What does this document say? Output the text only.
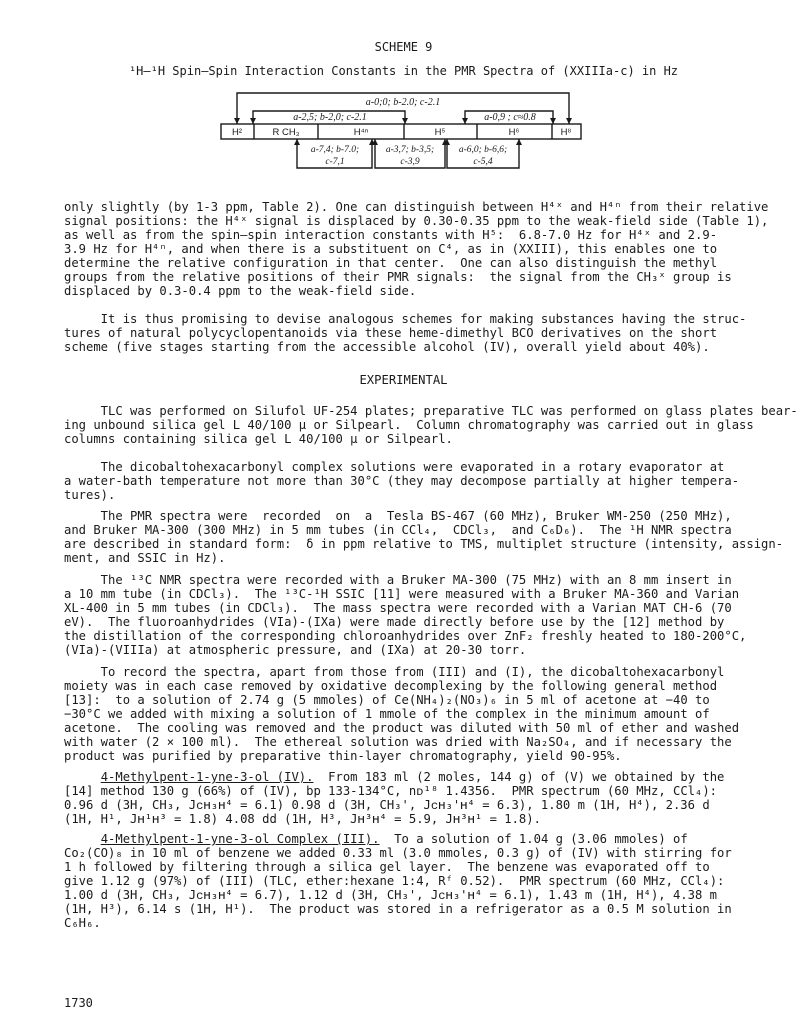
SCHEME 9
¹H—¹H Spin—Spin Interaction Constants in the PMR Spectra of (XXIIIa-c) in Hz
a-0;0; b-2.0; c-2.1
a-2,5; b-2,0; c-2.1	a-0,9 ; c≈0.8
H²	R CH₃	H⁴ⁿ	H⁵	H⁶	H⁸
a-7,4; b-7.0;
c-7,1
a-3,7; b-3,5;
c-3,9
a-6,0; b-6,6;
c-5,4
only slightly (by 1-3 ppm, Table 2). One can distinguish between H⁴ˣ and H⁴ⁿ from their relative
signal positions: the H⁴ˣ signal is displaced by 0.30-0.35 ppm to the weak-field side (Table 1),
as well as from the spin—spin interaction constants with H⁵:  6.8-7.0 Hz for H⁴ˣ and 2.9-
3.9 Hz for H⁴ⁿ, and when there is a substituent on C⁴, as in (XXIII), this enables one to
determine the relative configuration in that center.  One can also distinguish the methyl
groups from the relative positions of their PMR signals:  the signal from the CH₃ˣ group is
displaced by 0.3-0.4 ppm to the weak-field side.
It is thus promising to devise analogous schemes for making substances having the struc-
tures of natural polycyclopentanoids via these heme-dimethyl BCO derivatives on the short
scheme (five stages starting from the accessible alcohol (IV), overall yield about 40%).
EXPERIMENTAL
TLC was performed on Silufol UF-254 plates; preparative TLC was performed on glass plates bear-
ing unbound silica gel L 40/100 μ or Silpearl.  Column chromatography was carried out in glass
columns containing silica gel L 40/100 μ or Silpearl.
The dicobaltohexacarbonyl complex solutions were evaporated in a rotary evaporator at
a water-bath temperature not more than 30°C (they may decompose partially at higher tempera-
tures).
The PMR spectra were  recorded  on  a  Tesla BS-467 (60 MHz), Bruker WM-250 (250 MHz),
and Bruker MA-300 (300 MHz) in 5 mm tubes (in CCl₄,  CDCl₃,  and C₆D₆).  The ¹H NMR spectra
are described in standard form:  δ in ppm relative to TMS, multiplet structure (intensity, assign-
ment, and SSIC in Hz).
The ¹³C NMR spectra were recorded with a Bruker MA-300 (75 MHz) with an 8 mm insert in
a 10 mm tube (in CDCl₃).  The ¹³C-¹H SSIC [11] were measured with a Bruker MA-360 and Varian
XL-400 in 5 mm tubes (in CDCl₃).  The mass spectra were recorded with a Varian MAT CH-6 (70
eV).  The fluoroanhydrides (VIa)-(IXa) were made directly before use by the [12] method by
the distillation of the corresponding chloroanhydrides over ZnF₂ freshly heated to 180-200°C,
(VIa)-(VIIIa) at atmospheric pressure, and (IXa) at 20-30 torr.
To record the spectra, apart from those from (III) and (I), the dicobaltohexacarbonyl
moiety was in each case removed by oxidative decomplexing by the following general method
[13]:  to a solution of 2.74 g (5 mmoles) of Ce(NH₄)₂(NO₃)₆ in 5 ml of acetone at −40 to
−30°C we added with mixing a solution of 1 mmole of the complex in the minimum amount of
acetone.  The cooling was removed and the product was diluted with 50 ml of ether and washed
with water (2 × 100 ml).  The ethereal solution was dried with Na₂SO₄, and if necessary the
product was purified by preparative thin-layer chromatography, yield 90-95%.
4-Methylpent-1-yne-3-ol (IV).  From 183 ml (2 moles, 144 g) of (V) we obtained by the
[14] method 130 g (66%) of (IV), bp 133-134°C, nᴅ¹⁸ 1.4356.  PMR spectrum (60 MHz, CCl₄):
0.96 d (3H, CH₃, Jᴄʜ₃ʜ⁴ = 6.1) 0.98 d (3H, CH₃', Jᴄʜ₃'ʜ⁴ = 6.3), 1.80 m (1H, H⁴), 2.36 d
(1H, H¹, Jʜ¹ʜ³ = 1.8) 4.08 dd (1H, H³, Jʜ³ʜ⁴ = 5.9, Jʜ³ʜ¹ = 1.8).
4-Methylpent-1-yne-3-ol Complex (III).  To a solution of 1.04 g (3.06 mmoles) of
Co₂(CO)₈ in 10 ml of benzene we added 0.33 ml (3.0 mmoles, 0.3 g) of (IV) with stirring for
1 h followed by filtering through a silica gel layer.  The benzene was evaporated off to
give 1.12 g (97%) of (III) (TLC, ether:hexane 1:4, Rᶠ 0.52).  PMR spectrum (60 MHz, CCl₄):
1.00 d (3H, CH₃, Jᴄʜ₃ʜ⁴ = 6.7), 1.12 d (3H, CH₃', Jᴄʜ₃'ʜ⁴ = 6.1), 1.43 m (1H, H⁴), 4.38 m
(1H, H³), 6.14 s (1H, H¹).  The product was stored in a refrigerator as a 0.5 M solution in
C₆H₆.
1730
